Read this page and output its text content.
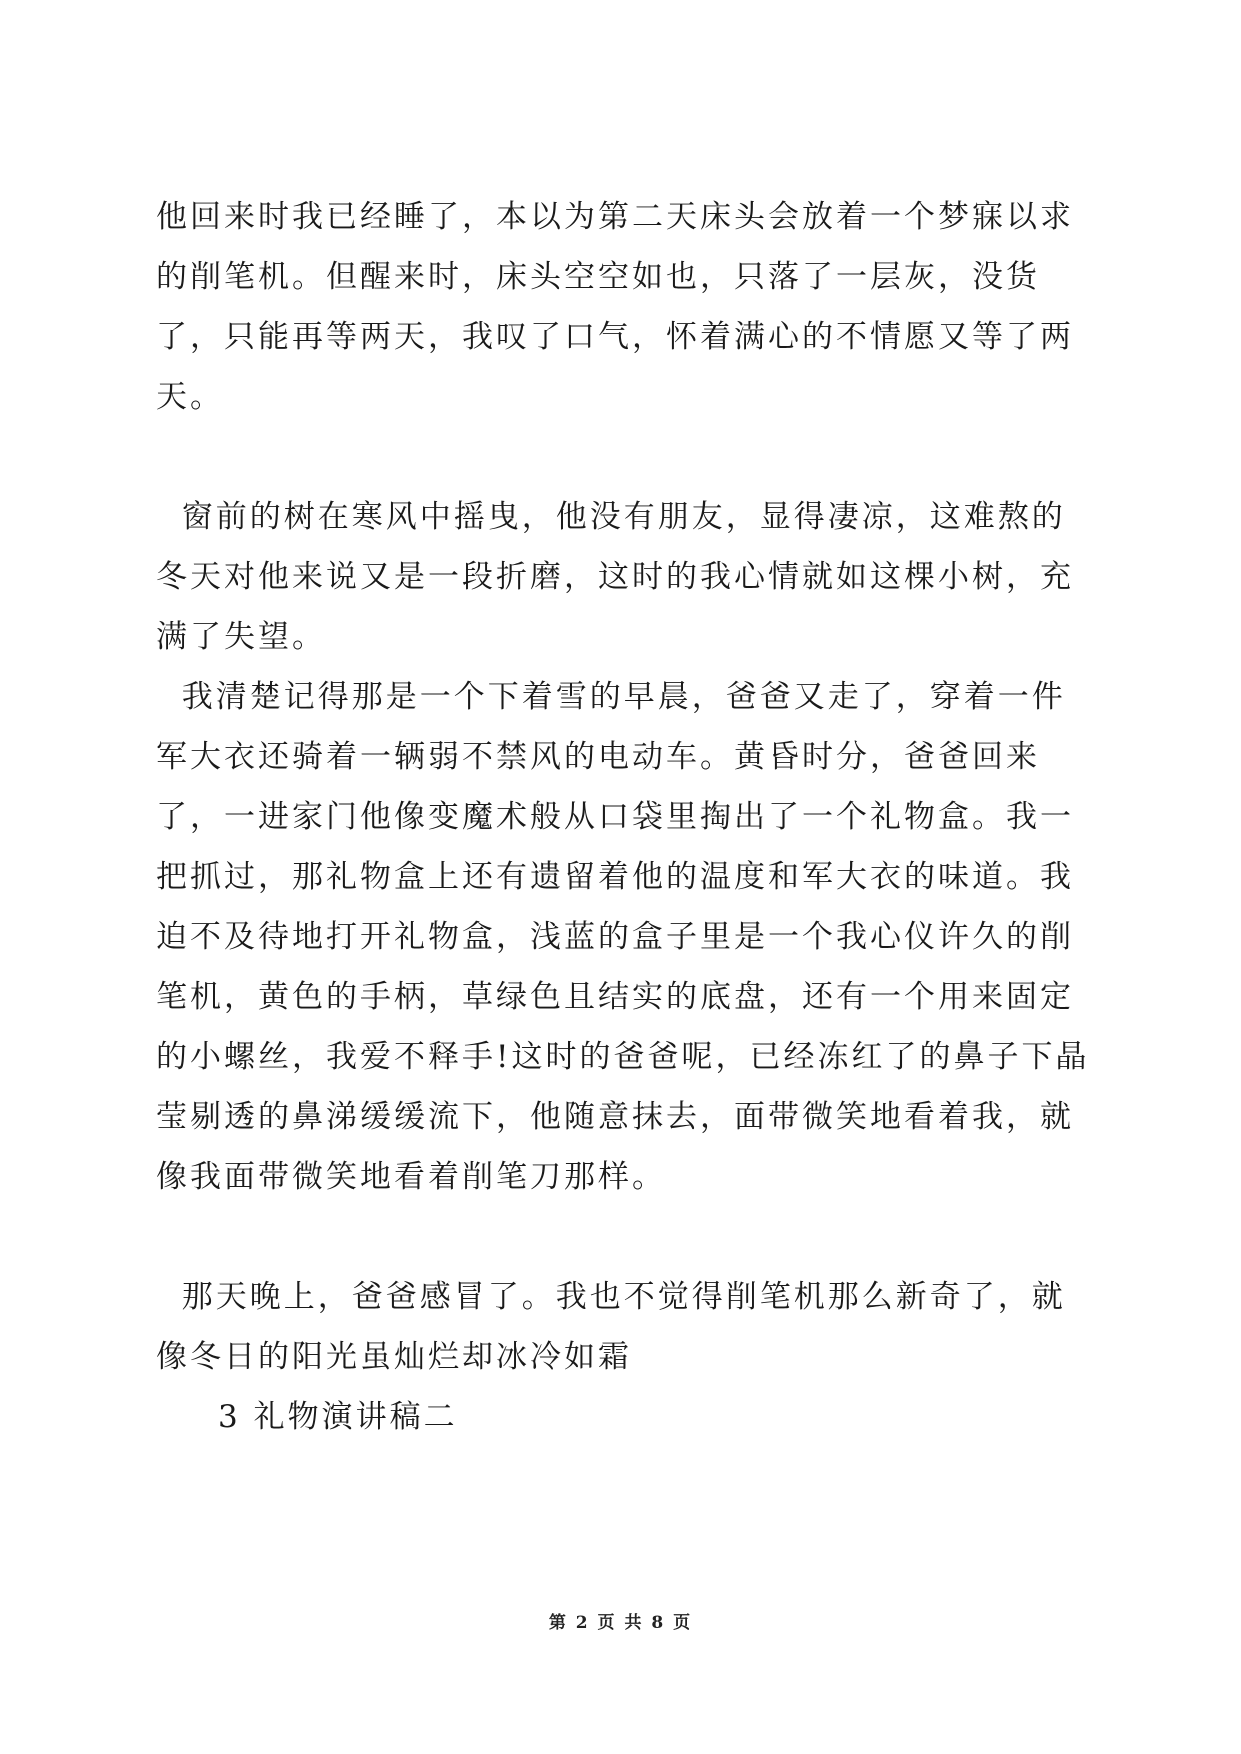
他回来时我已经睡了，本以为第二天床头会放着一个梦寐以求的削笔机。但醒来时，床头空空如也，只落了一层灰，没货了，只能再等两天，我叹了口气，怀着满心的不情愿又等了两天。

窗前的树在寒风中摇曳，他没有朋友，显得凄凉，这难熬的冬天对他来说又是一段折磨，这时的我心情就如这棵小树，充满了失望。

我清楚记得那是一个下着雪的早晨，爸爸又走了，穿着一件军大衣还骑着一辆弱不禁风的电动车。黄昏时分，爸爸回来了，一进家门他像变魔术般从口袋里掏出了一个礼物盒。我一把抓过，那礼物盒上还有遗留着他的温度和军大衣的味道。我迫不及待地打开礼物盒，浅蓝的盒子里是一个我心仪许久的削笔机，黄色的手柄，草绿色且结实的底盘，还有一个用来固定的小螺丝，我爱不释手!这时的爸爸呢，已经冻红了的鼻子下晶莹剔透的鼻涕缓缓流下，他随意抹去，面带微笑地看着我，就像我面带微笑地看着削笔刀那样。

那天晚上，爸爸感冒了。我也不觉得削笔机那么新奇了，就像冬日的阳光虽灿烂却冰冷如霜

3 礼物演讲稿二

第 2 页 共 8 页
